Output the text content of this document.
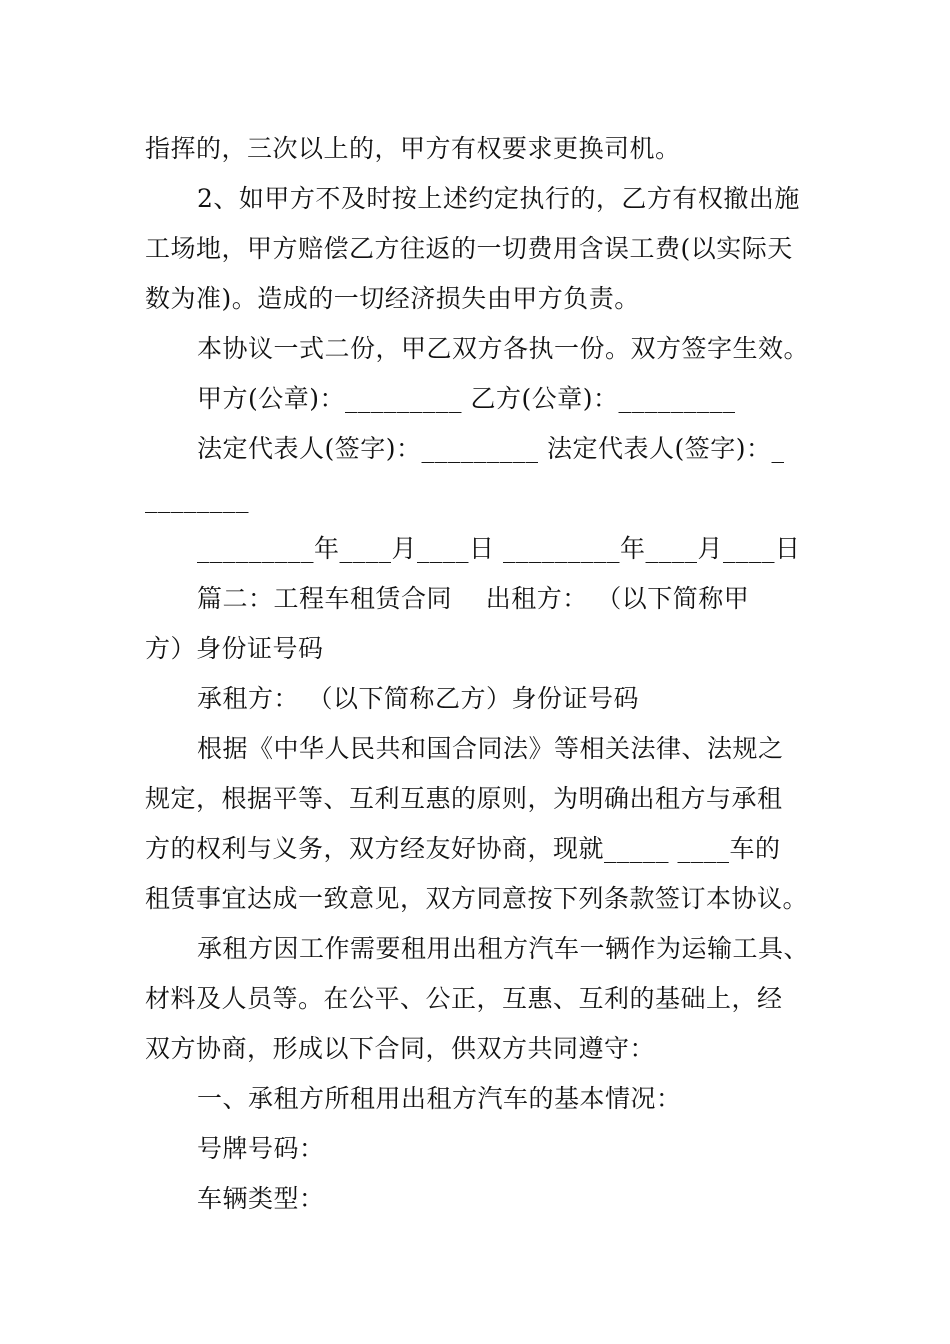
指挥的，三次以上的，甲方有权要求更换司机。
2、如甲方不及时按上述约定执行的，乙方有权撤出施
工场地，甲方赔偿乙方往返的一切费用含误工费(以实际天
数为准)。造成的一切经济损失由甲方负责。
本协议一式二份，甲乙双方各执一份。双方签字生效。
甲方(公章)：_________ 乙方(公章)：_________
法定代表人(签字)：_________ 法定代表人(签字)：_
________
_________年____月____日 _________年____月____日
篇二：工程车租赁合同    出租方： （以下简称甲
方）身份证号码
承租方： （以下简称乙方）身份证号码
根据《中华人民共和国合同法》等相关法律、法规之
规定，根据平等、互利互惠的原则，为明确出租方与承租
方的权利与义务，双方经友好协商，现就_____ ____车的
租赁事宜达成一致意见，双方同意按下列条款签订本协议。
承租方因工作需要租用出租方汽车一辆作为运输工具、
材料及人员等。在公平、公正，互惠、互利的基础上，经
双方协商，形成以下合同，供双方共同遵守：
一、承租方所租用出租方汽车的基本情况：
号牌号码：
车辆类型：
